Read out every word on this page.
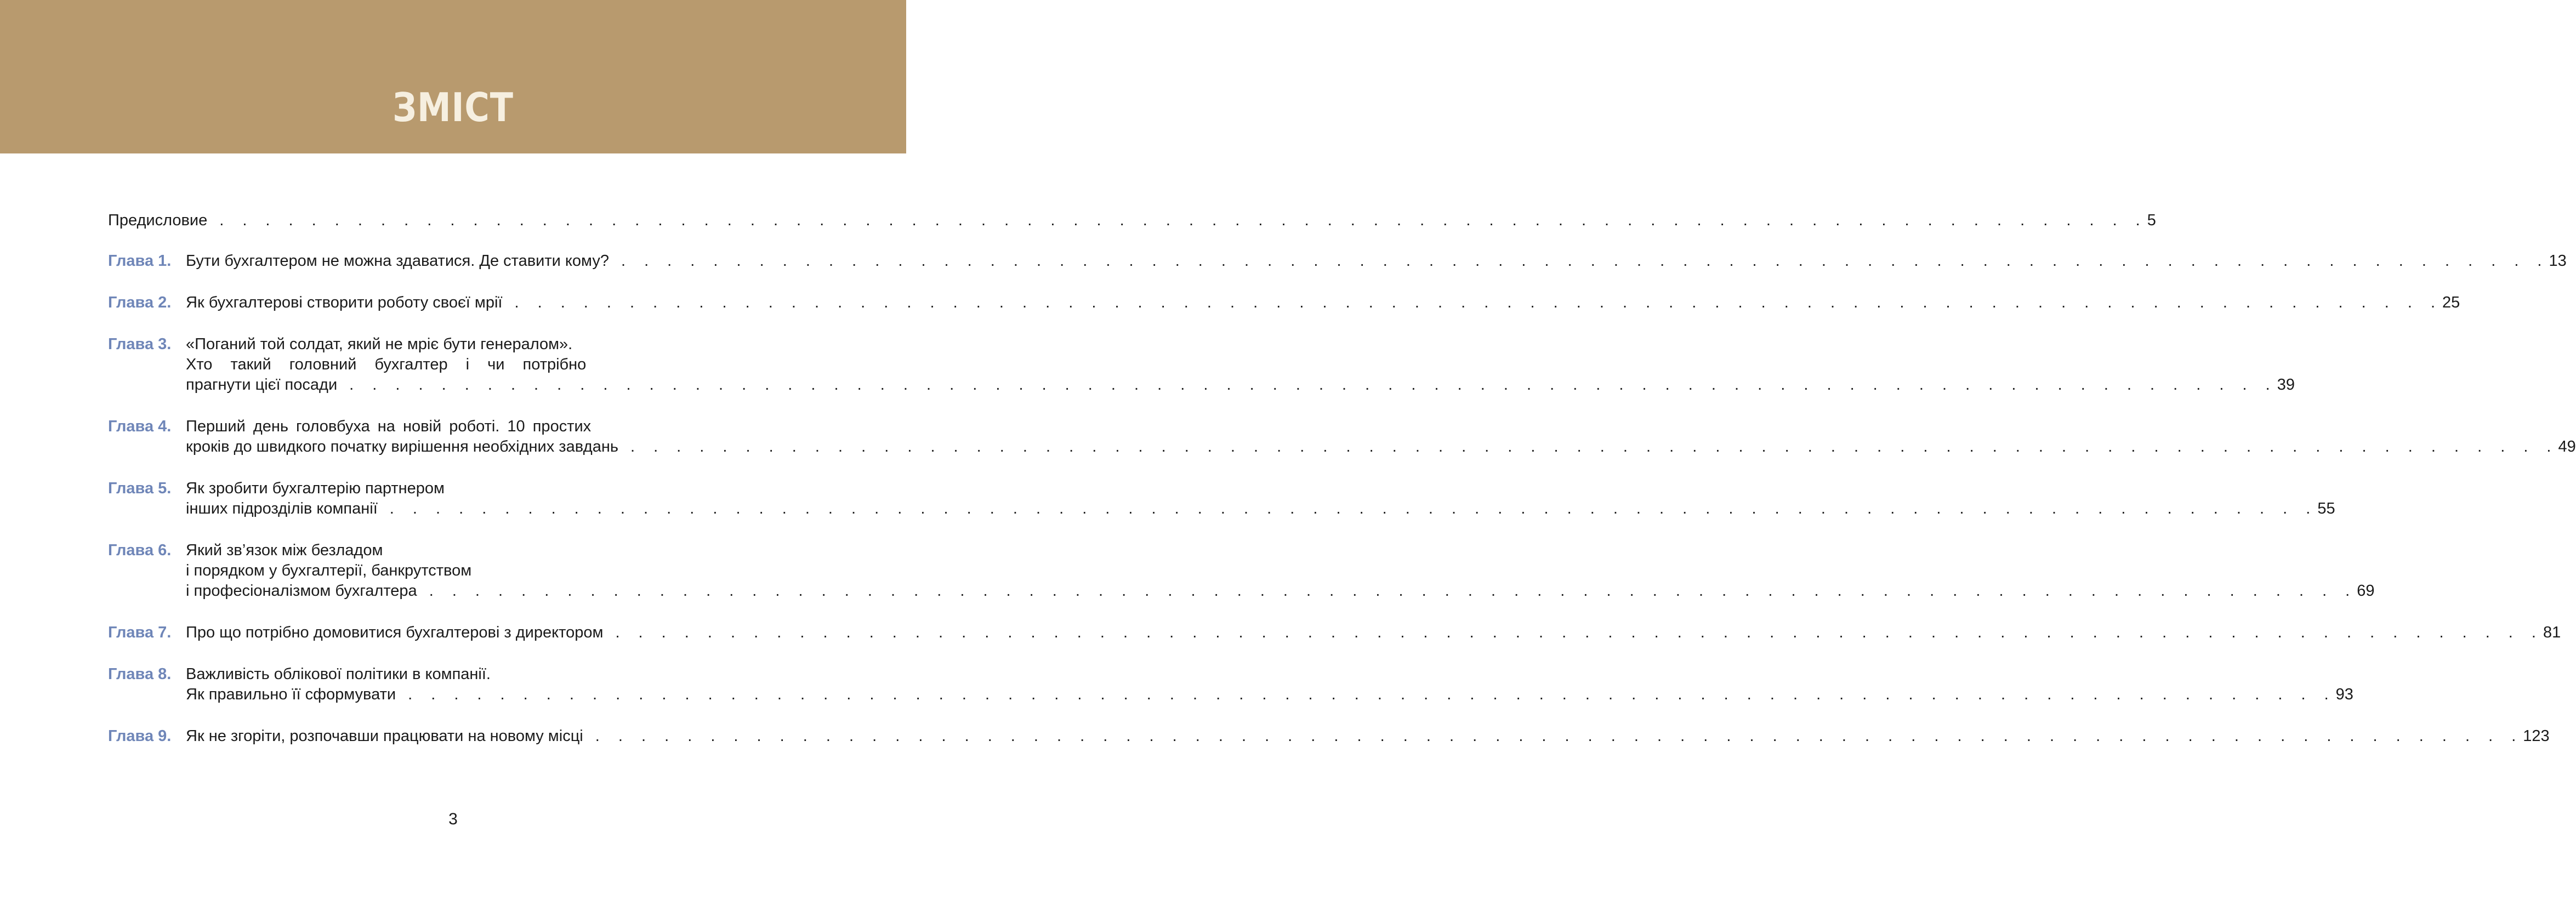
ЗМІСТ
Предисловие . . . . . . . . . . . . . . . . . . . . . . . . . . . . . . . . . . . . . . . . . . . . . . . . . . . . . . . . . . . . . . . . . . . . . . . . . . . . . . . . . . . . 5
Глава 1. Бути бухгалтером не можна здаватися. Де ставити кому? . . . . . . . . . . . . . . . . . . . . . . . . . . . . . . . . . . . . . . . . . . . . . . . . . . . . . . . . . . . . . . . . . . . . . . . . . . . . . . . . . . . . 13
Глава 2. Як бухгалтерові створити роботу своєї мрії . . . . . . . . . . . . . . . . . . . . . . . . . . . . . . . . . . . . . . . . . . . . . . . . . . . . . . . . . . . . . . . . . . . . . . . . . . . . . . . . . . . . 25
Глава 3. «Поганий той солдат, який не мріє бути генералом».
Хто такий головний бухгалтер і чи потрібно
прагнути цієї посади . . . . . . . . . . . . . . . . . . . . . . . . . . . . . . . . . . . . . . . . . . . . . . . . . . . . . . . . . . . . . . . . . . . . . . . . . . . . . . . . . . . . 39
Глава 4. Перший день головбуха на новій роботі. 10 простих
кроків до швидкого початку вирішення необхідних завдань . . . . . . . . . . . . . . . . . . . . . . . . . . . . . . . . . . . . . . . . . . . . . . . . . . . . . . . . . . . . . . . . . . . . . . . . . . . . . . . . . . . . 49
Глава 5. Як зробити бухгалтерію партнером
інших підрозділів компанії . . . . . . . . . . . . . . . . . . . . . . . . . . . . . . . . . . . . . . . . . . . . . . . . . . . . . . . . . . . . . . . . . . . . . . . . . . . . . . . . . . . . 55
Глава 6. Який зв’язок між безладом
і порядком у бухгалтерії, банкрутством
і професіоналізмом бухгалтера . . . . . . . . . . . . . . . . . . . . . . . . . . . . . . . . . . . . . . . . . . . . . . . . . . . . . . . . . . . . . . . . . . . . . . . . . . . . . . . . . . . . 69
Глава 7. Про що потрібно домовитися бухгалтерові з директором . . . . . . . . . . . . . . . . . . . . . . . . . . . . . . . . . . . . . . . . . . . . . . . . . . . . . . . . . . . . . . . . . . . . . . . . . . . . . . . . . . . . 81
Глава 8. Важливість облікової політики в компанії.
Як правильно її сформувати . . . . . . . . . . . . . . . . . . . . . . . . . . . . . . . . . . . . . . . . . . . . . . . . . . . . . . . . . . . . . . . . . . . . . . . . . . . . . . . . . . . . 93
Глава 9. Як не згоріти, розпочавши працювати на новому місці . . . . . . . . . . . . . . . . . . . . . . . . . . . . . . . . . . . . . . . . . . . . . . . . . . . . . . . . . . . . . . . . . . . . . . . . . . . . . . . . . . . . 123
3
